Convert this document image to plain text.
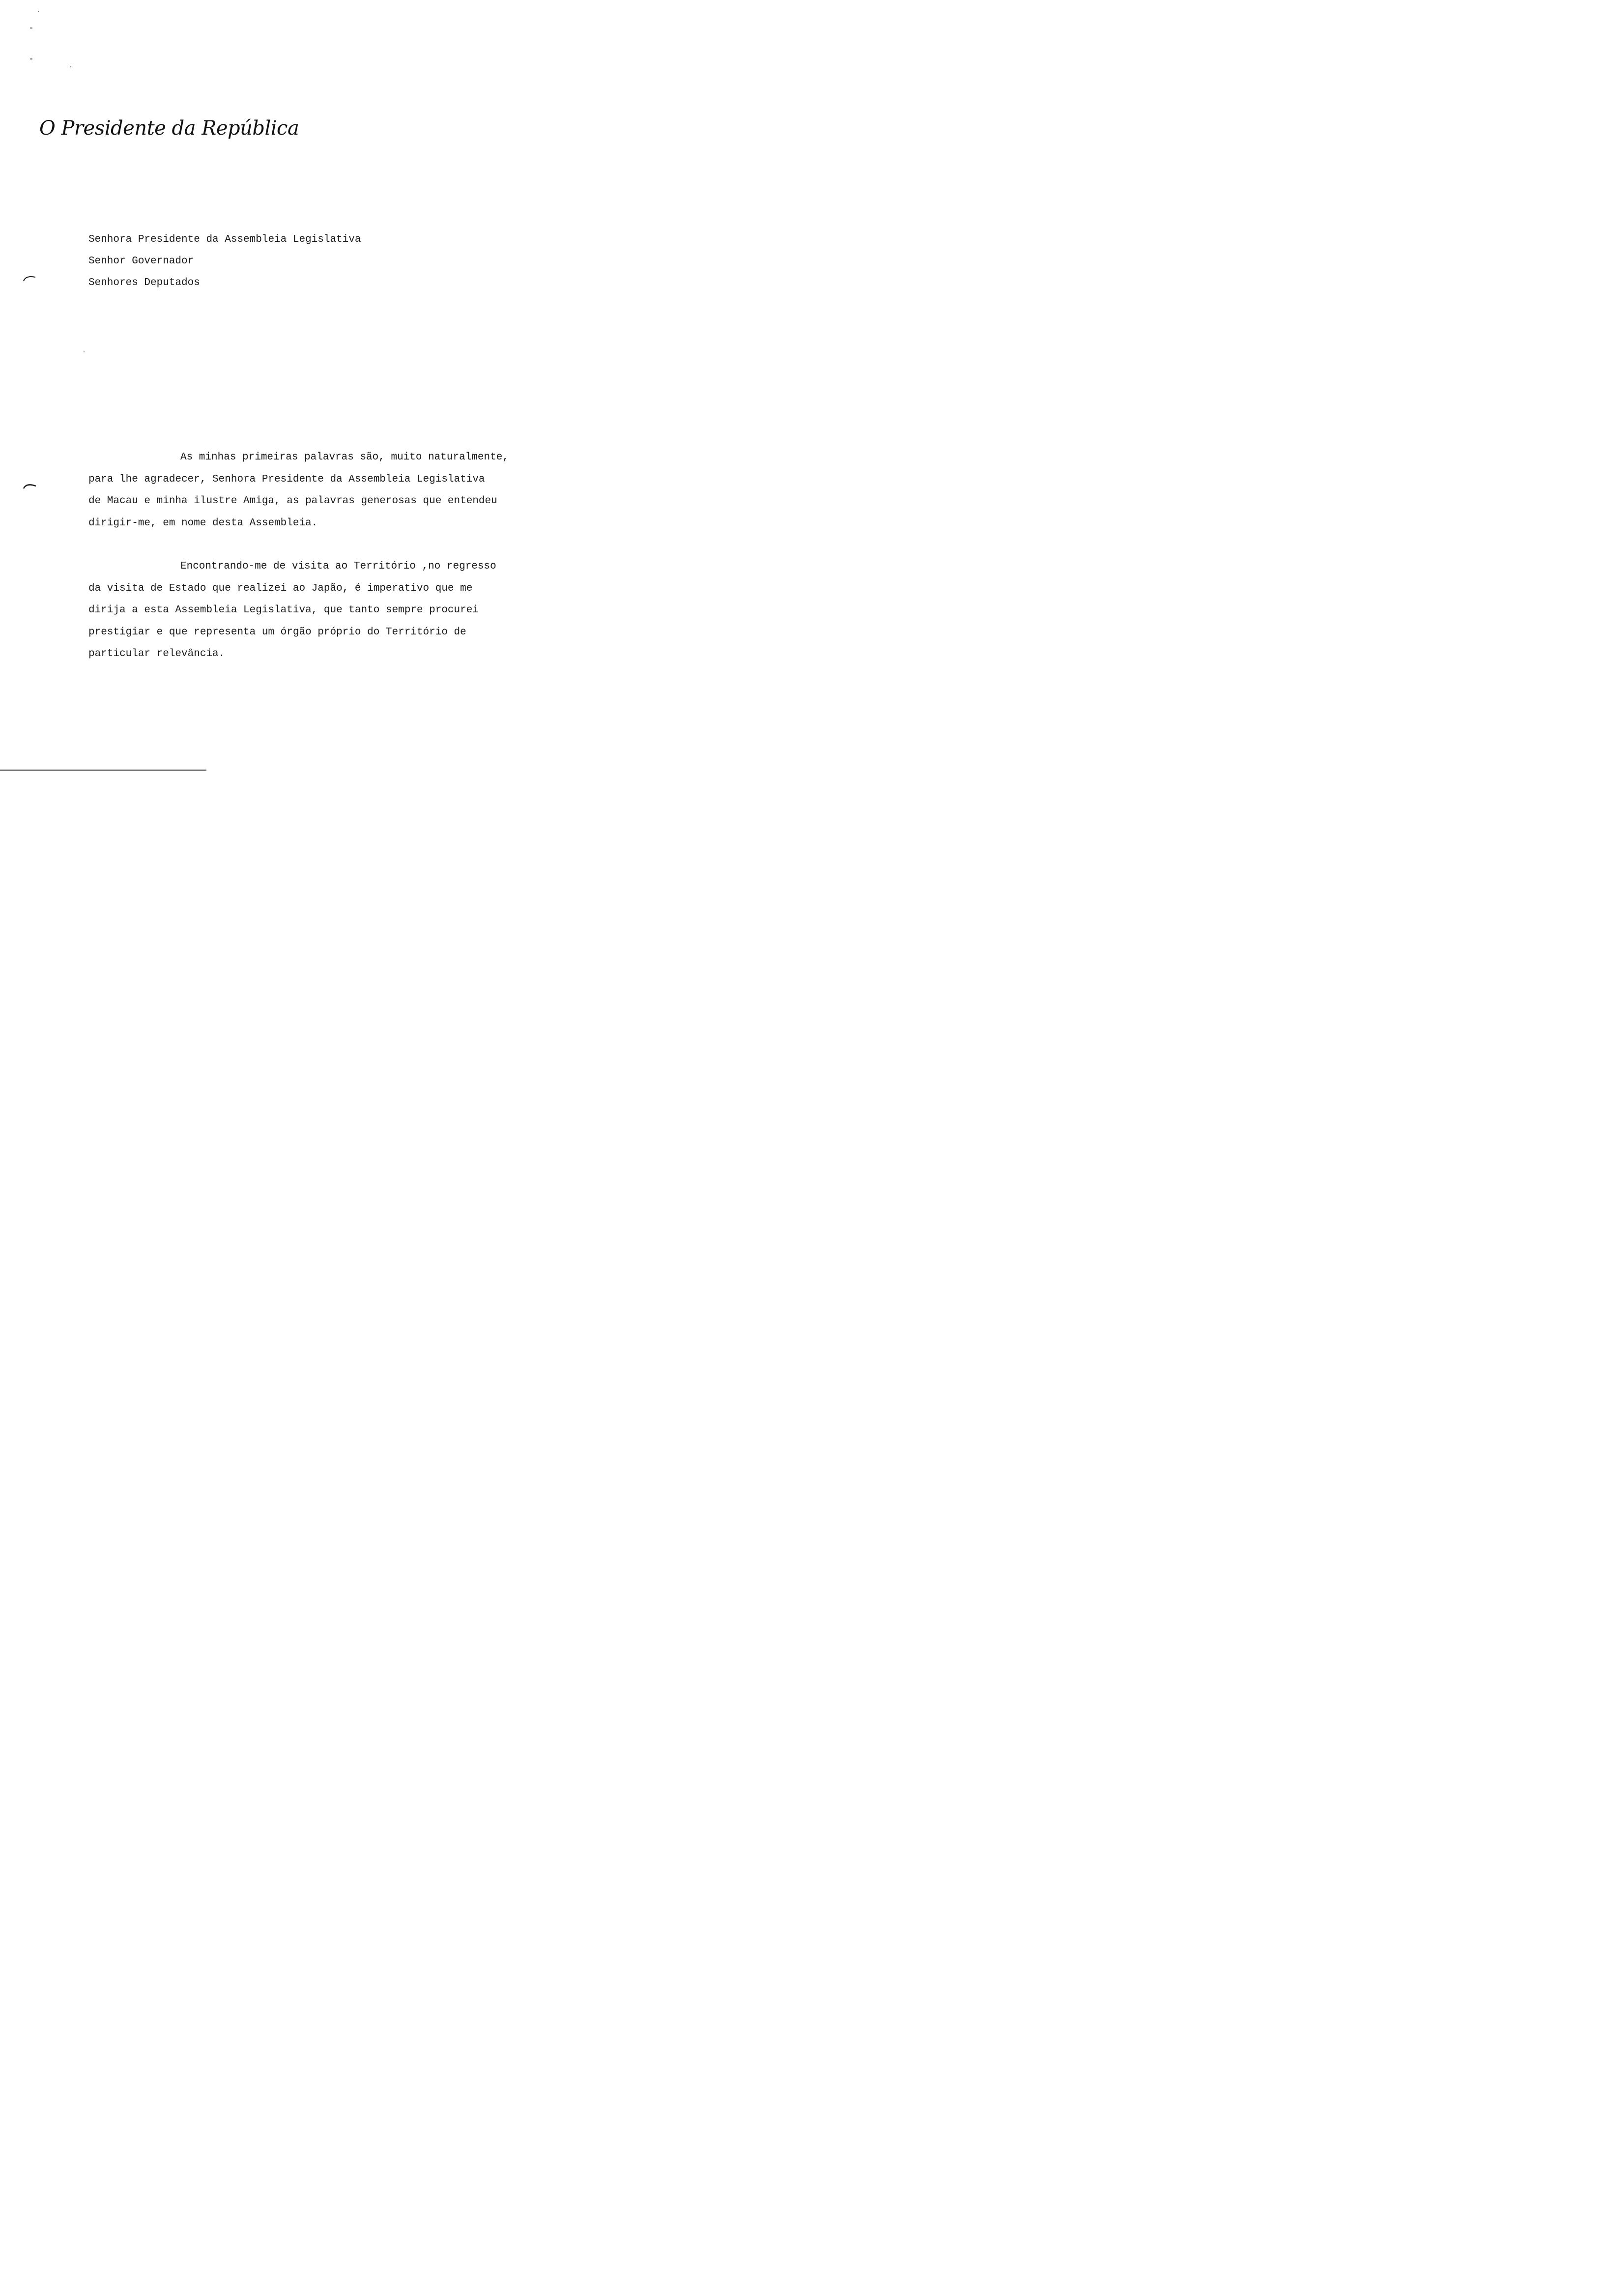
O Presidente da República
Senhora Presidente da Assembleia Legislativa
Senhor Governador
Senhores Deputados
As minhas primeiras palavras são, muito naturalmente,
para lhe agradecer, Senhora Presidente da Assembleia Legislativa
de Macau e minha ilustre Amiga, as palavras generosas que entendeu
dirigir-me, em nome desta Assembleia.
Encontrando-me de visita ao Território ,no regresso
da visita de Estado que realizei ao Japão, é imperativo que me
dirija a esta Assembleia Legislativa, que tanto sempre procurei
prestigiar e que representa um órgão próprio do Território de
particular relevância.
